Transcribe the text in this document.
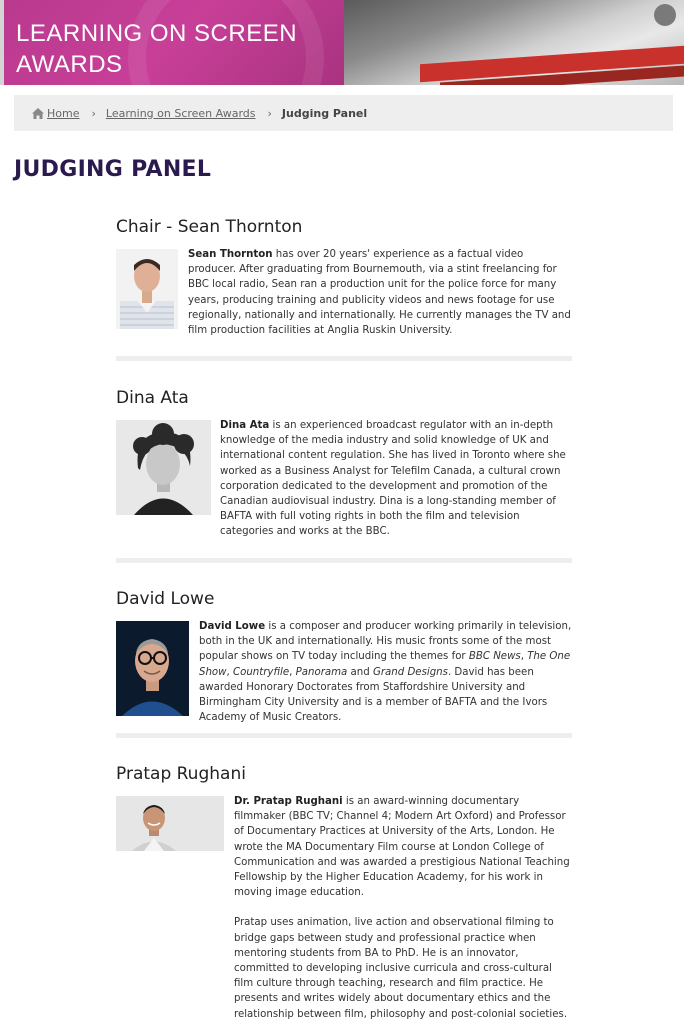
LEARNING ON SCREEN
AWARDS
Home › Learning on Screen Awards › Judging Panel
JUDGING PANEL
Chair - Sean Thornton
Sean Thornton has over 20 years' experience as a factual video producer. After graduating from Bournemouth, via a stint freelancing for BBC local radio, Sean ran a production unit for the police force for many years, producing training and publicity videos and news footage for use regionally, nationally and internationally. He currently manages the TV and film production facilities at Anglia Ruskin University.
Dina Ata
Dina Ata is an experienced broadcast regulator with an in-depth knowledge of the media industry and solid knowledge of UK and international content regulation. She has lived in Toronto where she worked as a Business Analyst for Telefilm Canada, a cultural crown corporation dedicated to the development and promotion of the Canadian audiovisual industry. Dina is a long-standing member of BAFTA with full voting rights in both the film and television categories and works at the BBC.
David Lowe
David Lowe is a composer and producer working primarily in television, both in the UK and internationally. His music fronts some of the most popular shows on TV today including the themes for BBC News, The One Show, Countryfile, Panorama and Grand Designs. David has been awarded Honorary Doctorates from Staffordshire University and Birmingham City University and is a member of BAFTA and the Ivors Academy of Music Creators.
Pratap Rughani
Dr. Pratap Rughani is an award-winning documentary filmmaker (BBC TV; Channel 4; Modern Art Oxford) and Professor of Documentary Practices at University of the Arts, London. He wrote the MA Documentary Film course at London College of Communication and was awarded a prestigious National Teaching Fellowship by the Higher Education Academy, for his work in moving image education.
Pratap uses animation, live action and observational filming to bridge gaps between study and professional practice when mentoring students from BA to PhD. He is an innovator, committed to developing inclusive curricula and cross-cultural film culture through teaching, research and film practice. He presents and writes widely about documentary ethics and the relationship between film, philosophy and post-colonial societies.
